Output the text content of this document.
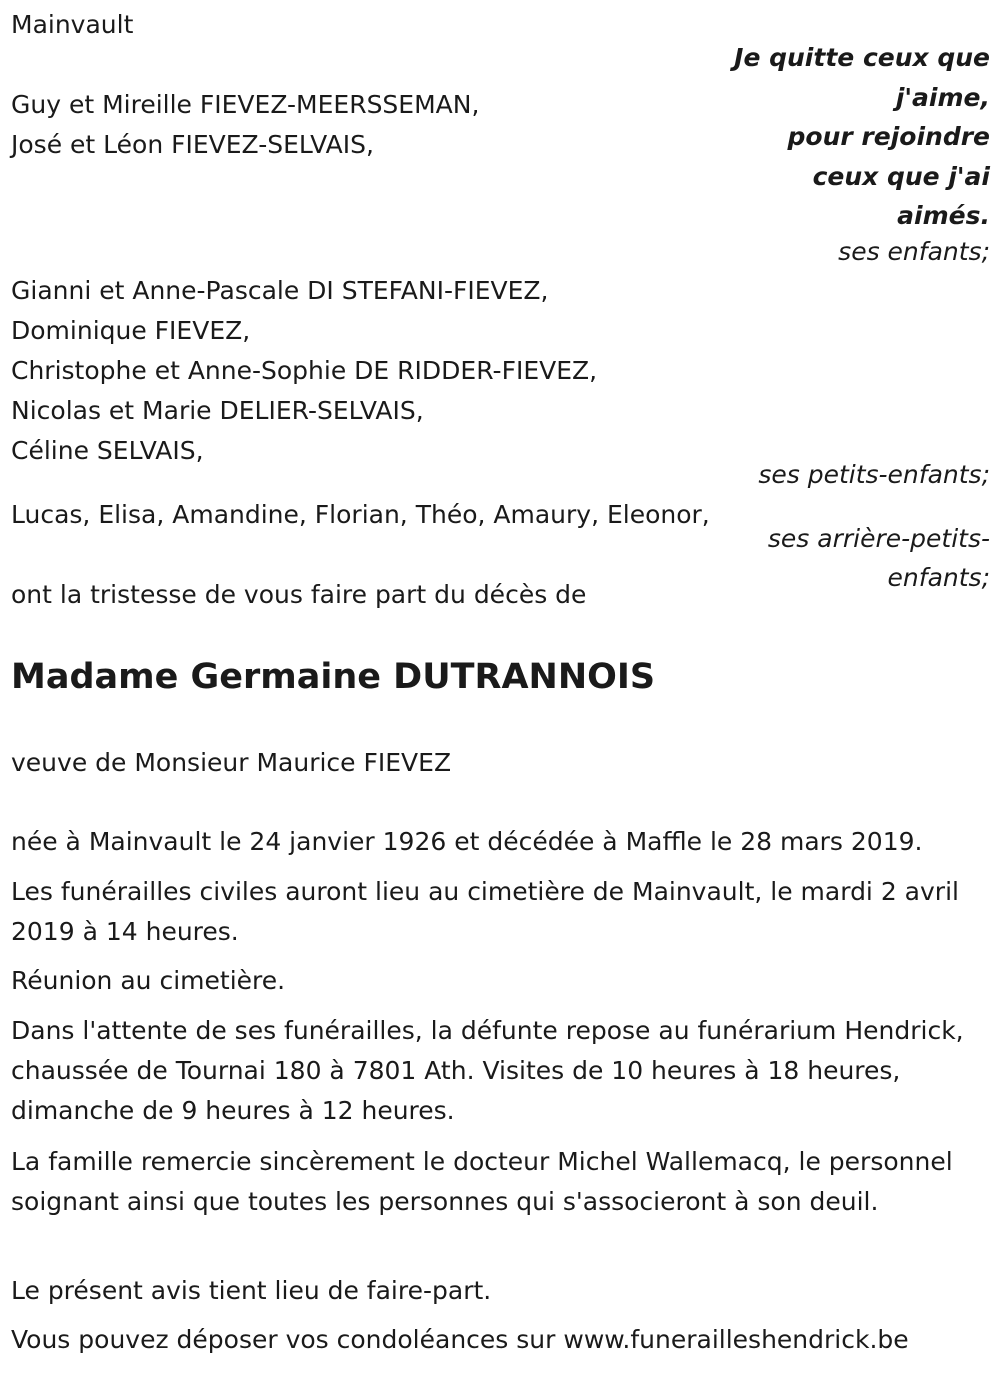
Mainvault
Je quitte ceux que
j'aime,
pour rejoindre
ceux que j'ai
aimés.
Guy et Mireille FIEVEZ-MEERSSEMAN,
José et Léon FIEVEZ-SELVAIS,
ses enfants;
Gianni et Anne-Pascale DI STEFANI-FIEVEZ,
Dominique FIEVEZ,
Christophe et Anne-Sophie DE RIDDER-FIEVEZ,
Nicolas et Marie DELIER-SELVAIS,
Céline SELVAIS,
ses petits-enfants;
Lucas, Elisa, Amandine, Florian, Théo, Amaury, Eleonor,
ses arrière-petits-
enfants;
ont la tristesse de vous faire part du décès de
Madame Germaine DUTRANNOIS
veuve de Monsieur Maurice FIEVEZ
née à Mainvault le 24 janvier 1926 et décédée à Maffle le 28 mars 2019.
Les funérailles civiles auront lieu au cimetière de Mainvault, le mardi 2 avril 2019 à 14 heures.
Réunion au cimetière.
Dans l'attente de ses funérailles, la défunte repose au funérarium Hendrick, chaussée de Tournai 180 à 7801 Ath. Visites de 10 heures à 18 heures, dimanche de 9 heures à 12 heures.
La famille remercie sincèrement le docteur Michel Wallemacq, le personnel soignant ainsi que toutes les personnes qui s'associeront à son deuil.
Le présent avis tient lieu de faire-part.
Vous pouvez déposer vos condoléances sur www.funerailleshendrick.be
